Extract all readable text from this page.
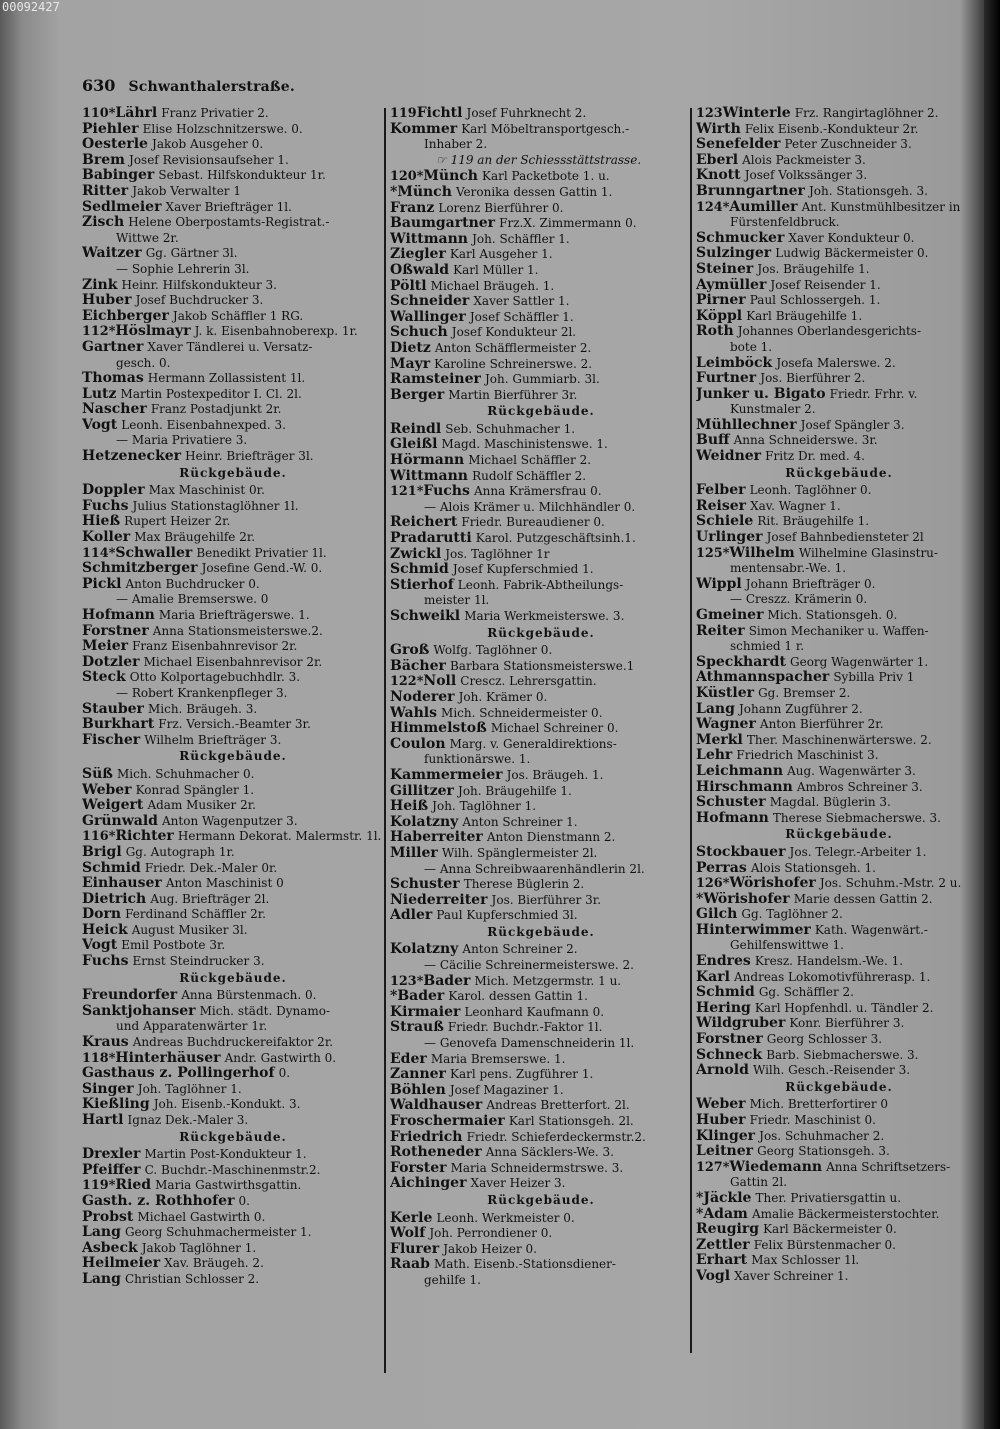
00092427
630 Schwanthalerstraße.
110*Lährl Franz Privatier 2.
Piehler Elise Holzschnitzerswe. 0.
Oesterle Jakob Ausgeher 0.
Brem Josef Revisionsaufseher 1.
Babinger Sebast. Hilfskondukteur 1r.
Ritter Jakob Verwalter 1
Sedlmeier Xaver Briefträger 1l.
Zisch Helene Oberpostamts-Registrat.-
Wittwe 2r.
Waitzer Gg. Gärtner 3l.
— Sophie Lehrerin 3l.
Zink Heinr. Hilfskondukteur 3.
Huber Josef Buchdrucker 3.
Eichberger Jakob Schäffler 1 RG.
112*Höslmayr J. k. Eisenbahnoberexp. 1r.
Gartner Xaver Tändlerei u. Versatz-
gesch. 0.
Thomas Hermann Zollassistent 1l.
Lutz Martin Postexpeditor I. Cl. 2l.
Nascher Franz Postadjunkt 2r.
Vogt Leonh. Eisenbahnexped. 3.
— Maria Privatiere 3.
Hetzenecker Heinr. Briefträger 3l.
Rückgebäude.
Doppler Max Maschinist 0r.
Fuchs Julius Stationstaglöhner 1l.
Hieß Rupert Heizer 2r.
Koller Max Bräugehilfe 2r.
114*Schwaller Benedikt Privatier 1l.
Schmitzberger Josefine Gend.-W. 0.
Pickl Anton Buchdrucker 0.
— Amalie Bremserswe. 0
Hofmann Maria Briefträgerswe. 1.
Forstner Anna Stationsmeisterswe.2.
Meier Franz Eisenbahnrevisor 2r.
Dotzler Michael Eisenbahnrevisor 2r.
Steck Otto Kolportagebuchhdlr. 3.
— Robert Krankenpfleger 3.
Stauber Mich. Bräugeh. 3.
Burkhart Frz. Versich.-Beamter 3r.
Fischer Wilhelm Briefträger 3.
Rückgebäude.
Süß Mich. Schuhmacher 0.
Weber Konrad Spängler 1.
Weigert Adam Musiker 2r.
Grünwald Anton Wagenputzer 3.
116*Richter Hermann Dekorat. Malermstr. 1l.
Brigl Gg. Autograph 1r.
Schmid Friedr. Dek.-Maler 0r.
Einhauser Anton Maschinist 0
Dietrich Aug. Briefträger 2l.
Dorn Ferdinand Schäffler 2r.
Heick August Musiker 3l.
Vogt Emil Postbote 3r.
Fuchs Ernst Steindrucker 3.
Rückgebäude.
Freundorfer Anna Bürstenmach. 0.
Sanktjohanser Mich. städt. Dynamo-
und Apparatenwärter 1r.
Kraus Andreas Buchdruckereifaktor 2r.
118*Hinterhäuser Andr. Gastwirth 0.
Gasthaus z. Pollingerhof 0.
Singer Joh. Taglöhner 1.
Kießling Joh. Eisenb.-Kondukt. 3.
Hartl Ignaz Dek.-Maler 3.
Rückgebäude.
Drexler Martin Post-Kondukteur 1.
Pfeiffer C. Buchdr.-Maschinenmstr.2.
119*Ried Maria Gastwirthsgattin.
Gasth. z. Rothhofer 0.
Probst Michael Gastwirth 0.
Lang Georg Schuhmachermeister 1.
Asbeck Jakob Taglöhner 1.
Heilmeier Xav. Bräugeh. 2.
Lang Christian Schlosser 2.
119Fichtl Josef Fuhrknecht 2.
Kommer Karl Möbeltransportgesch.-
Inhaber 2.
☞ 119 an der Schiessstättstrasse.
120*Münch Karl Packetbote 1. u.
*Münch Veronika dessen Gattin 1.
Franz Lorenz Bierführer 0.
Baumgartner Frz.X. Zimmermann 0.
Wittmann Joh. Schäffler 1.
Ziegler Karl Ausgeher 1.
Oßwald Karl Müller 1.
Pöltl Michael Bräugeh. 1.
Schneider Xaver Sattler 1.
Wallinger Josef Schäffler 1.
Schuch Josef Kondukteur 2l.
Dietz Anton Schäfflermeister 2.
Mayr Karoline Schreinerswe. 2.
Ramsteiner Joh. Gummiarb. 3l.
Berger Martin Bierführer 3r.
Rückgebäude.
Reindl Seb. Schuhmacher 1.
Gleißl Magd. Maschinistenswe. 1.
Hörmann Michael Schäffler 2.
Wittmann Rudolf Schäffler 2.
121*Fuchs Anna Krämersfrau 0.
— Alois Krämer u. Milchhändler 0.
Reichert Friedr. Bureaudiener 0.
Pradarutti Karol. Putzgeschäftsinh.1.
Zwickl Jos. Taglöhner 1r
Schmid Josef Kupferschmied 1.
Stierhof Leonh. Fabrik-Abtheilungs-
meister 1l.
Schweikl Maria Werkmeisterswe. 3.
Rückgebäude.
Groß Wolfg. Taglöhner 0.
Bächer Barbara Stationsmeisterswe.1
122*Noll Crescz. Lehrersgattin.
Noderer Joh. Krämer 0.
Wahls Mich. Schneidermeister 0.
Himmelstoß Michael Schreiner 0.
Coulon Marg. v. Generaldirektions-
funktionärswe. 1.
Kammermeier Jos. Bräugeh. 1.
Gillitzer Joh. Bräugehilfe 1.
Heiß Joh. Taglöhner 1.
Kolatzny Anton Schreiner 1.
Haberreiter Anton Dienstmann 2.
Miller Wilh. Spänglermeister 2l.
— Anna Schreibwaarenhändlerin 2l.
Schuster Therese Büglerin 2.
Niederreiter Jos. Bierführer 3r.
Adler Paul Kupferschmied 3l.
Rückgebäude.
Kolatzny Anton Schreiner 2.
— Cäcilie Schreinermeisterswe. 2.
123*Bader Mich. Metzgermstr. 1 u.
*Bader Karol. dessen Gattin 1.
Kirmaier Leonhard Kaufmann 0.
Strauß Friedr. Buchdr.-Faktor 1l.
— Genovefa Damenschneiderin 1l.
Eder Maria Bremserswe. 1.
Zanner Karl pens. Zugführer 1.
Böhlen Josef Magaziner 1.
Waldhauser Andreas Bretterfort. 2l.
Froschermaier Karl Stationsgeh. 2l.
Friedrich Friedr. Schieferdeckermstr.2.
Rotheneder Anna Säcklers-We. 3.
Forster Maria Schneidermstrswe. 3.
Aichinger Xaver Heizer 3.
Rückgebäude.
Kerle Leonh. Werkmeister 0.
Wolf Joh. Perrondiener 0.
Flurer Jakob Heizer 0.
Raab Math. Eisenb.-Stationsdiener-
gehilfe 1.
123Winterle Frz. Rangirtaglöhner 2.
Wirth Felix Eisenb.-Kondukteur 2r.
Senefelder Peter Zuschneider 3.
Eberl Alois Packmeister 3.
Knott Josef Volkssänger 3.
Brunngartner Joh. Stationsgeh. 3.
124*Aumiller Ant. Kunstmühlbesitzer in
Fürstenfeldbruck.
Schmucker Xaver Kondukteur 0.
Sulzinger Ludwig Bäckermeister 0.
Steiner Jos. Bräugehilfe 1.
Aymüller Josef Reisender 1.
Pirner Paul Schlossergeh. 1.
Köppl Karl Bräugehilfe 1.
Roth Johannes Oberlandesgerichts-
bote 1.
Leimböck Josefa Malerswe. 2.
Furtner Jos. Bierführer 2.
Junker u. Bigato Friedr. Frhr. v.
Kunstmaler 2.
Mühllechner Josef Spängler 3.
Buff Anna Schneiderswe. 3r.
Weidner Fritz Dr. med. 4.
Rückgebäude.
Felber Leonh. Taglöhner 0.
Reiser Xav. Wagner 1.
Schiele Rit. Bräugehilfe 1.
Urlinger Josef Bahnbediensteter 2l
125*Wilhelm Wilhelmine Glasinstru-
mentensabr.-We. 1.
Wippl Johann Briefträger 0.
— Creszz. Krämerin 0.
Gmeiner Mich. Stationsgeh. 0.
Reiter Simon Mechaniker u. Waffen-
schmied 1 r.
Speckhardt Georg Wagenwärter 1.
Athmannspacher Sybilla Priv 1
Küstler Gg. Bremser 2.
Lang Johann Zugführer 2.
Wagner Anton Bierführer 2r.
Merkl Ther. Maschinenwärterswe. 2.
Lehr Friedrich Maschinist 3.
Leichmann Aug. Wagenwärter 3.
Hirschmann Ambros Schreiner 3.
Schuster Magdal. Büglerin 3.
Hofmann Therese Siebmacherswe. 3.
Rückgebäude.
Stockbauer Jos. Telegr.-Arbeiter 1.
Perras Alois Stationsgeh. 1.
126*Wörishofer Jos. Schuhm.-Mstr. 2 u.
*Wörishofer Marie dessen Gattin 2.
Gilch Gg. Taglöhner 2.
Hinterwimmer Kath. Wagenwärt.-
Gehilfenswittwe 1.
Endres Kresz. Handelsm.-We. 1.
Karl Andreas Lokomotivführerasp. 1.
Schmid Gg. Schäffler 2.
Hering Karl Hopfenhdl. u. Tändler 2.
Wildgruber Konr. Bierführer 3.
Forstner Georg Schlosser 3.
Schneck Barb. Siebmacherswe. 3.
Arnold Wilh. Gesch.-Reisender 3.
Rückgebäude.
Weber Mich. Bretterfortirer 0
Huber Friedr. Maschinist 0.
Klinger Jos. Schuhmacher 2.
Leitner Georg Stationsgeh. 3.
127*Wiedemann Anna Schriftsetzers-
Gattin 2l.
*Jäckle Ther. Privatiersgattin u.
*Adam Amalie Bäckermeisterstochter.
Reugirg Karl Bäckermeister 0.
Zettler Felix Bürstenmacher 0.
Erhart Max Schlosser 1l.
Vogl Xaver Schreiner 1.
